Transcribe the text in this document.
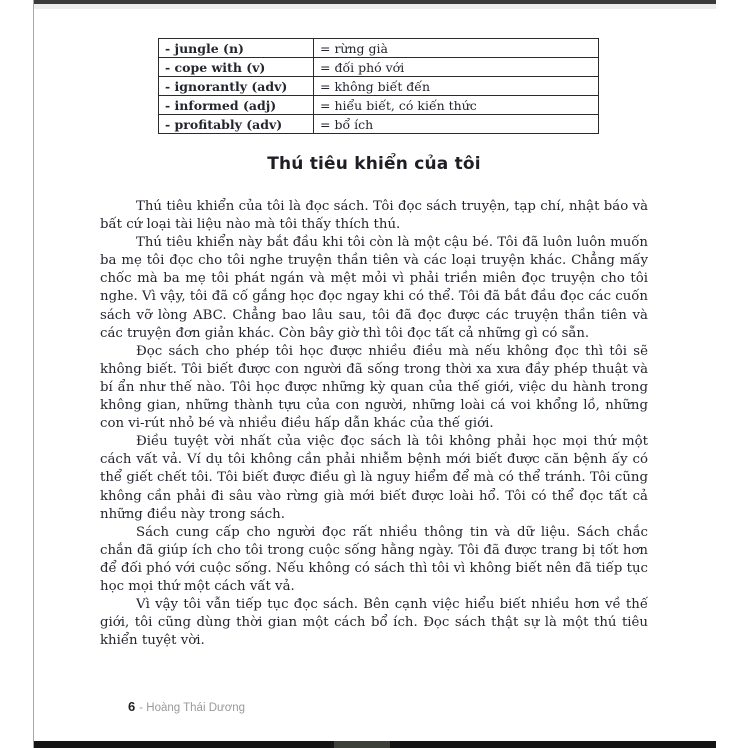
- jungle (n)	= rừng già
- cope with (v)	= đối phó với
- ignorantly (adv)	= không biết đến
- informed (adj)	= hiểu biết, có kiến thức
- profitably (adv)	= bổ ích
Thú tiêu khiển của tôi

Thú tiêu khiển của tôi là đọc sách. Tôi đọc sách truyện, tạp chí, nhật báo và bất cứ loại tài liệu nào mà tôi thấy thích thú.

Thú tiêu khiển này bắt đầu khi tôi còn là một cậu bé. Tôi đã luôn luôn muốn ba mẹ tôi đọc cho tôi nghe truyện thần tiên và các loại truyện khác. Chẳng mấy chốc mà ba mẹ tôi phát ngán và mệt mỏi vì phải triền miên đọc truyện cho tôi nghe. Vì vậy, tôi đã cố gắng học đọc ngay khi có thể. Tôi đã bắt đầu đọc các cuốn sách vỡ lòng ABC. Chẳng bao lâu sau, tôi đã đọc được các truyện thần tiên và các truyện đơn giản khác. Còn bây giờ thì tôi đọc tất cả những gì có sẵn.

Đọc sách cho phép tôi học được nhiều điều mà nếu không đọc thì tôi sẽ không biết. Tôi biết được con người đã sống trong thời xa xưa đầy phép thuật và bí ẩn như thế nào. Tôi học được những kỳ quan của thế giới, việc du hành trong không gian, những thành tựu của con người, những loài cá voi khổng lồ, những con vi-rút nhỏ bé và nhiều điều hấp dẫn khác của thế giới.

Điều tuyệt vời nhất của việc đọc sách là tôi không phải học mọi thứ một cách vất vả. Ví dụ tôi không cần phải nhiễm bệnh mới biết được căn bệnh ấy có thể giết chết tôi. Tôi biết được điều gì là nguy hiểm để mà có thể tránh. Tôi cũng không cần phải đi sâu vào rừng già mới biết được loài hổ. Tôi có thể đọc tất cả những điều này trong sách.

Sách cung cấp cho người đọc rất nhiều thông tin và dữ liệu. Sách chắc chắn đã giúp ích cho tôi trong cuộc sống hằng ngày. Tôi đã được trang bị tốt hơn để đối phó với cuộc sống. Nếu không có sách thì tôi vì không biết nên đã tiếp tục học mọi thứ một cách vất vả.

Vì vậy tôi vẫn tiếp tục đọc sách. Bên cạnh việc hiểu biết nhiều hơn về thế giới, tôi cũng dùng thời gian một cách bổ ích. Đọc sách thật sự là một thú tiêu khiển tuyệt vời.

6 - Hoàng Thái Dương
